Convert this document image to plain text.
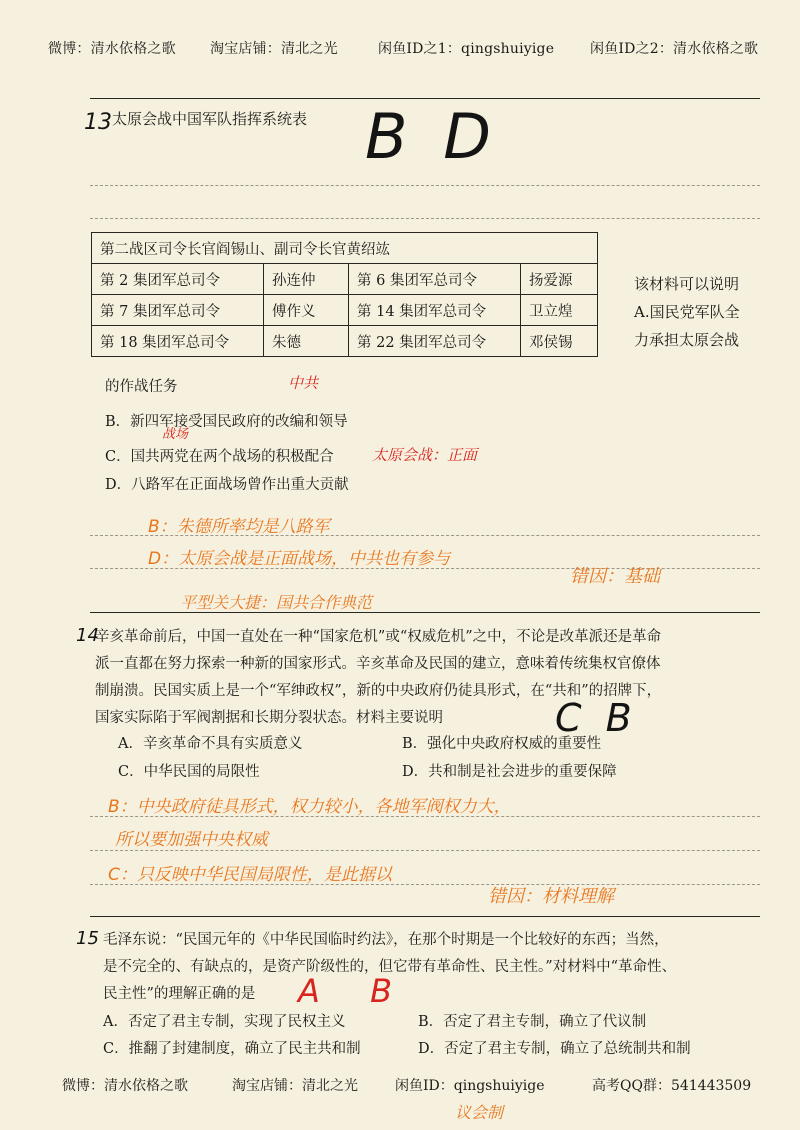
微博：清水依格之歌 淘宝店铺：清北之光	闲鱼ID之1：qingshuiyige	闲鱼ID之2：清水依格之歌
13 太原会战中国军队指挥系统表 B D
第二战区司令长官阎锡山、副司令长官黄绍竑			
第 2 集团军总司令	孙连仲	第 6 集团军总司令	扬爱源
第 7 集团军总司令	傅作义	第 14 集团军总司令	卫立煌
第 18 集团军总司令	朱德	第 22 集团军总司令	邓侯锡
该材料可以说明
A.国民党军队全
力承担太原会战
中共
的作战任务
B．新四军接受国民政府的改编和领导
C．国共两党在两个战场的积极配合
战场
太原会战：正面
D．八路军在正面战场曾作出重大贡献
B：朱德所率均是八路军
D：太原会战是正面战场，中共也有参与
平型关大捷：国共合作典范
错因：基础
14
辛亥革命前后，中国一直处在一种“国家危机”或“权威危机”之中，不论是改革派还是革命
派一直都在努力探索一种新的国家形式。辛亥革命及民国的建立，意味着传统集权官僚体
制崩溃。民国实质上是一个“军绅政权”，新的中央政府仍徒具形式，在“共和”的招牌下，
国家实际陷于军阀割据和长期分裂状态。材料主要说明	C B
A．辛亥革命不具有实质意义	B．强化中央政府权威的重要性
C．中华民国的局限性	D．共和制是社会进步的重要保障
B：中央政府徒具形式，权力较小，各地军阀权力大，
所以要加强中央权威
C：只反映中华民国局限性，是此据以
错因：材料理解
15 毛泽东说：“民国元年的《中华民国临时约法》，在那个时期是一个比较好的东西；当然，
是不完全的、有缺点的，是资产阶级性的，但它带有革命性、民主性。”对材料中“革命性、
民主性”的理解正确的是	A B
A．否定了君主专制，实现了民权主义	B．否定了君主专制，确立了代议制
C．推翻了封建制度，确立了民主共和制	D．否定了君主专制，确立了总统制共和制
微博：清水依格之歌	淘宝店铺：清北之光	闲鱼ID：qingshuiyige	高考QQ群：541443509
议会制
